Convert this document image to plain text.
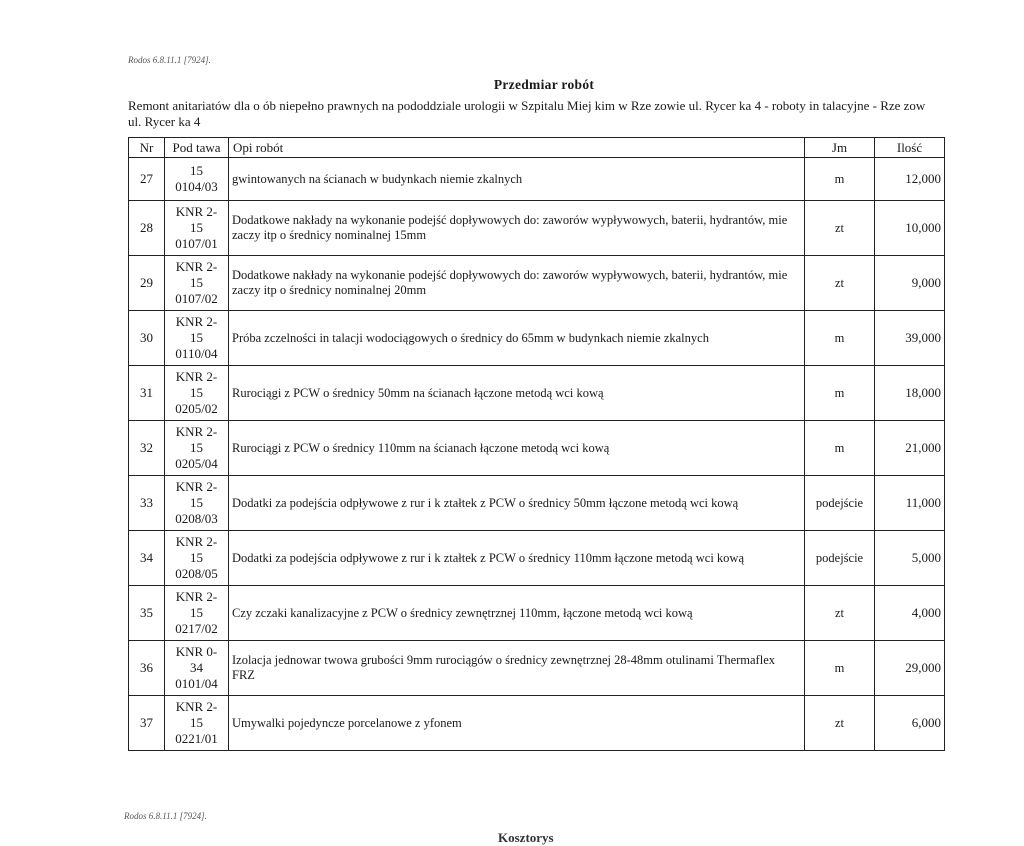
Rodos 6.8.11.1 [7924].
Przedmiar robót
Remont anitariatów dla o ób niepełno prawnych na pododdziale urologii w Szpitalu Miej kim w Rze zowie ul. Rycer ka 4 - roboty in talacyjne - Rze zow ul. Rycer ka 4
Nr	Pod tawa	Opi robót	Jm	Ilość
27	15
0104/03	gwintowanych na ścianach w budynkach niemie zkalnych	m	12,000
28	KNR 2-
15
0107/01	Dodatkowe nakłady na wykonanie podejść dopływowych do: zaworów wypływowych, baterii, hydrantów, mie zaczy itp o średnicy nominalnej 15mm	zt	10,000
29	KNR 2-
15
0107/02	Dodatkowe nakłady na wykonanie podejść dopływowych do: zaworów wypływowych, baterii, hydrantów, mie zaczy itp o średnicy nominalnej 20mm	zt	9,000
30	KNR 2-
15
0110/04	Próba zczelności in talacji wodociągowych o średnicy do 65mm w budynkach niemie zkalnych	m	39,000
31	KNR 2-
15
0205/02	Rurociągi z PCW o średnicy 50mm na ścianach łączone metodą wci kową	m	18,000
32	KNR 2-
15
0205/04	Rurociągi z PCW o średnicy 110mm na ścianach łączone metodą wci kową	m	21,000
33	KNR 2-
15
0208/03	Dodatki za podejścia odpływowe z rur i k ztałtek z PCW o średnicy 50mm łączone metodą wci kową	podejście	11,000
34	KNR 2-
15
0208/05	Dodatki za podejścia odpływowe z rur i k ztałtek z PCW o średnicy 110mm łączone metodą wci kową	podejście	5,000
35	KNR 2-
15
0217/02	Czy zczaki kanalizacyjne z PCW o średnicy zewnętrznej 110mm, łączone metodą wci kową	zt	4,000
36	KNR 0-
34
0101/04	Izolacja jednowar twowa grubości 9mm rurociągów o średnicy zewnętrznej 28-48mm otulinami Thermaflex FRZ	m	29,000
37	KNR 2-
15
0221/01	Umywalki pojedyncze porcelanowe z yfonem	zt	6,000
Rodos 6.8.11.1 [7924].
Kosztorys
